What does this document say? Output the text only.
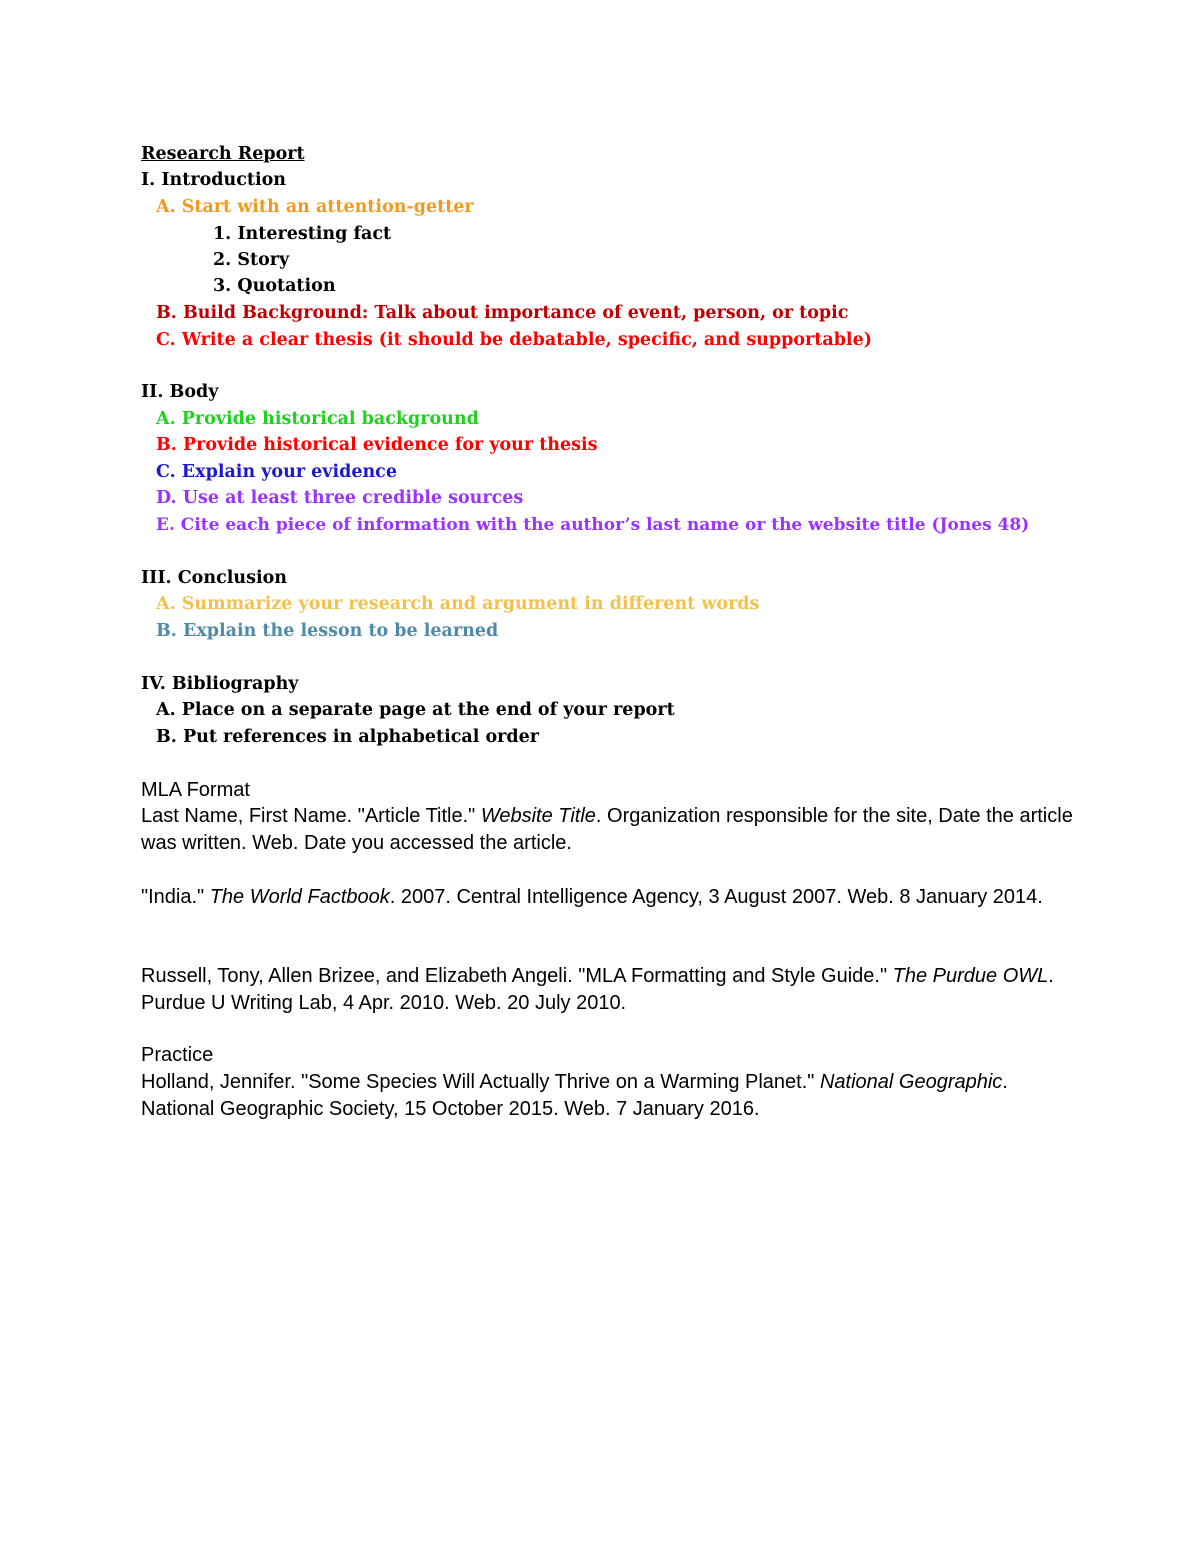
Research Report
I. Introduction
A. Start with an attention-getter
1. Interesting fact
2. Story
3. Quotation
B. Build Background: Talk about importance of event, person, or topic
C. Write a clear thesis (it should be debatable, specific, and supportable)
II. Body
A. Provide historical background
B. Provide historical evidence for your thesis
C. Explain your evidence
D. Use at least three credible sources
E. Cite each piece of information with the author’s last name or the website title (Jones 48)
III. Conclusion
A. Summarize your research and argument in different words
B. Explain the lesson to be learned
IV. Bibliography
A. Place on a separate page at the end of your report
B. Put references in alphabetical order
MLA Format

Last Name, First Name. "Article Title." Website Title. Organization responsible for the site, Date the article was written. Web. Date you accessed the article.

"India." The World Factbook. 2007. Central Intelligence Agency, 3 August 2007. Web. 8 January 2014.

Russell, Tony, Allen Brizee, and Elizabeth Angeli. "MLA Formatting and Style Guide." The Purdue OWL. Purdue U Writing Lab, 4 Apr. 2010. Web. 20 July 2010.

Practice

Holland, Jennifer. "Some Species Will Actually Thrive on a Warming Planet." National Geographic. National Geographic Society, 15 October 2015. Web. 7 January 2016.
